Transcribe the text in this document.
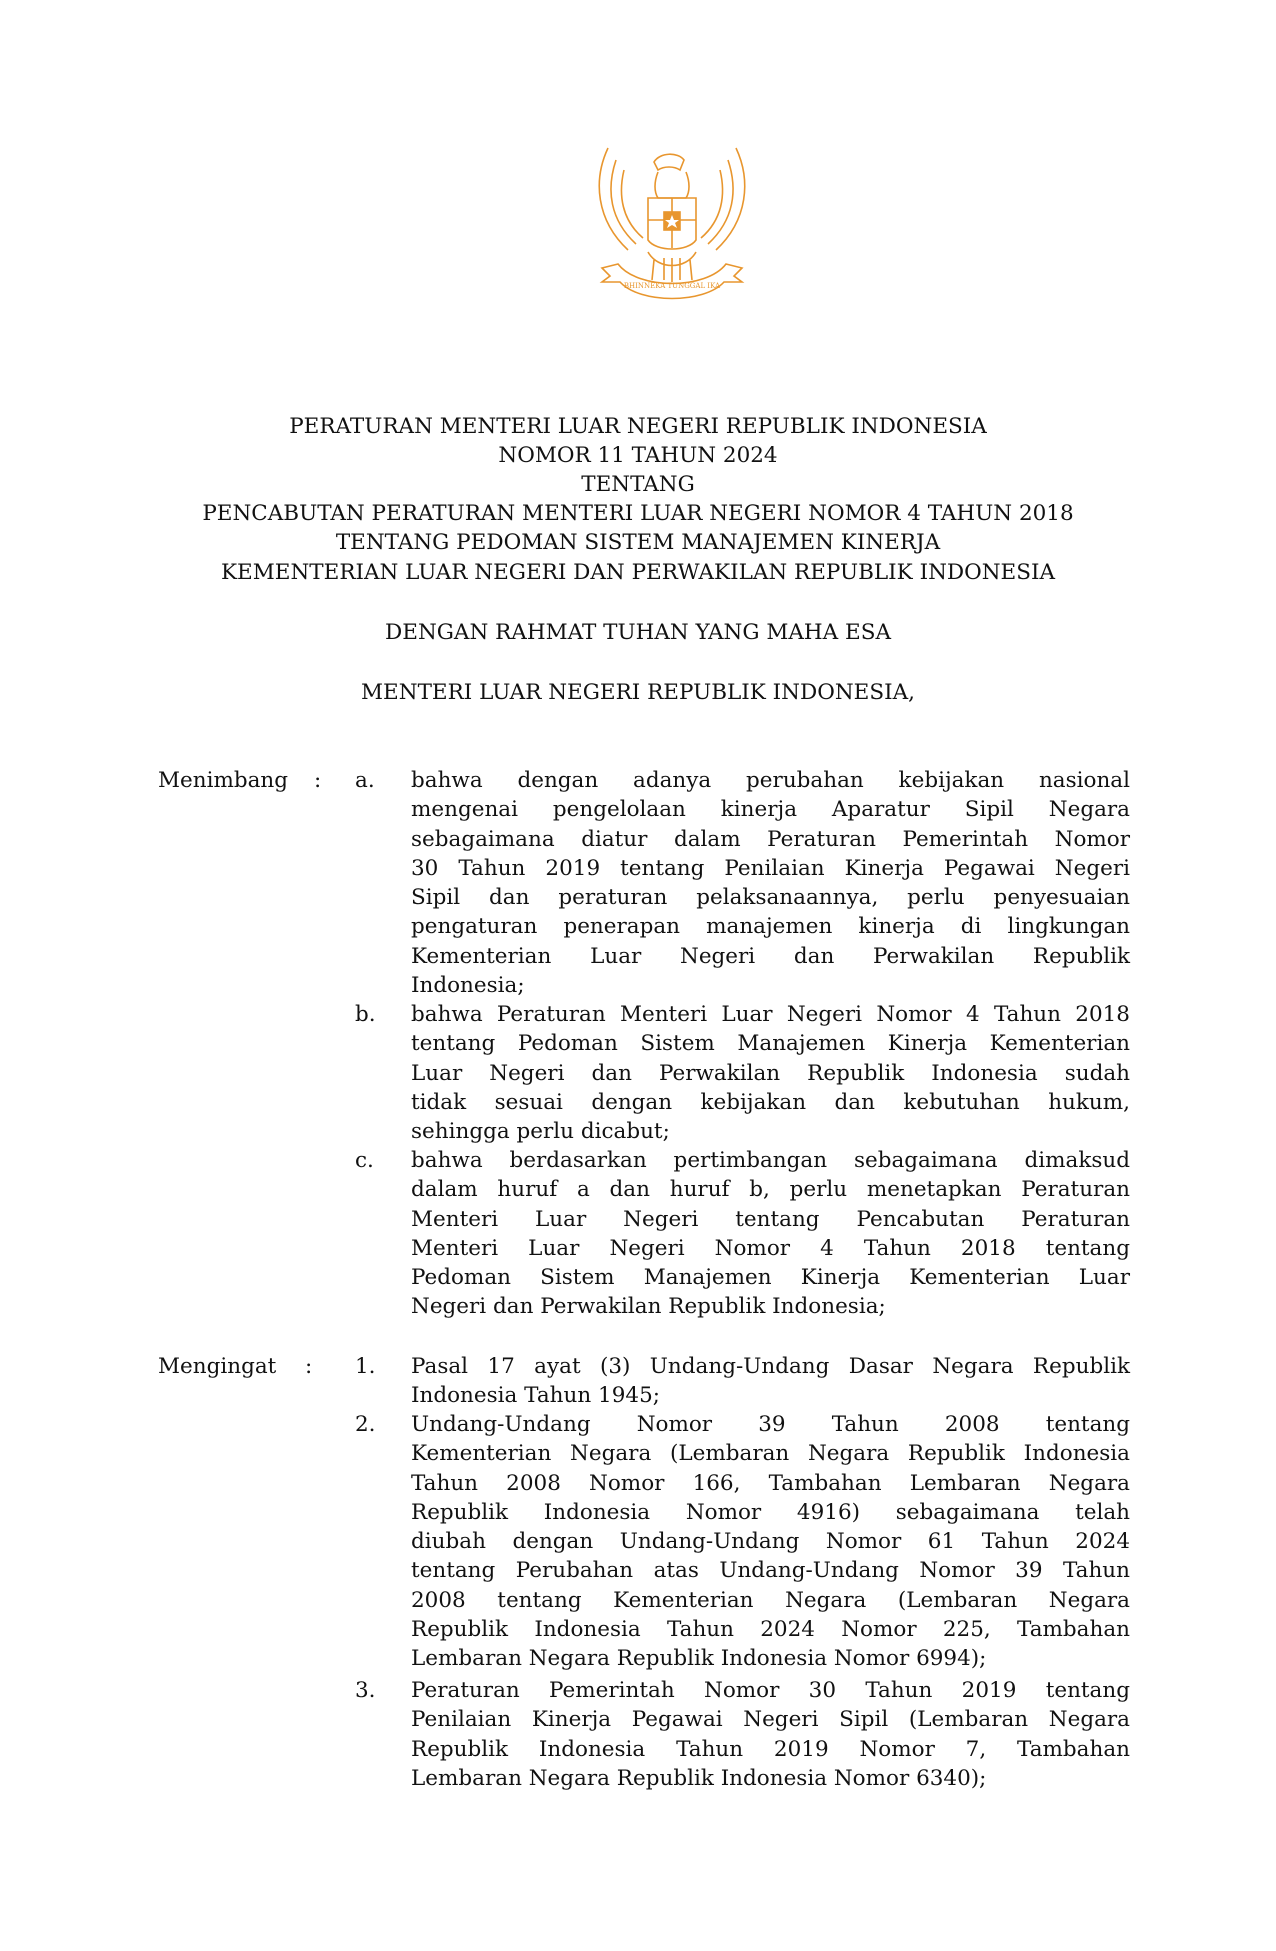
BHINNEKA TUNGGAL IKA
PERATURAN MENTERI LUAR NEGERI REPUBLIK INDONESIA
NOMOR 11 TAHUN 2024
TENTANG
PENCABUTAN PERATURAN MENTERI LUAR NEGERI NOMOR 4 TAHUN 2018
TENTANG PEDOMAN SISTEM MANAJEMEN KINERJA
KEMENTERIAN LUAR NEGERI DAN PERWAKILAN REPUBLIK INDONESIA
DENGAN RAHMAT TUHAN YANG MAHA ESA
MENTERI LUAR NEGERI REPUBLIK INDONESIA,
Menimbang : a. bahwa dengan adanya perubahan kebijakan nasional
mengenai pengelolaan kinerja Aparatur Sipil Negara
sebagaimana diatur dalam Peraturan Pemerintah Nomor
30 Tahun 2019 tentang Penilaian Kinerja Pegawai Negeri
Sipil dan peraturan pelaksanaannya, perlu penyesuaian
pengaturan penerapan manajemen kinerja di lingkungan
Kementerian Luar Negeri dan Perwakilan Republik
Indonesia;
b. bahwa Peraturan Menteri Luar Negeri Nomor 4 Tahun 2018
tentang Pedoman Sistem Manajemen Kinerja Kementerian
Luar Negeri dan Perwakilan Republik Indonesia sudah
tidak sesuai dengan kebijakan dan kebutuhan hukum,
sehingga perlu dicabut;
c. bahwa berdasarkan pertimbangan sebagaimana dimaksud
dalam huruf a dan huruf b, perlu menetapkan Peraturan
Menteri Luar Negeri tentang Pencabutan Peraturan
Menteri Luar Negeri Nomor 4 Tahun 2018 tentang
Pedoman Sistem Manajemen Kinerja Kementerian Luar
Negeri dan Perwakilan Republik Indonesia;
Mengingat : 1. Pasal 17 ayat (3) Undang-Undang Dasar Negara Republik
Indonesia Tahun 1945;
2. Undang-Undang Nomor 39 Tahun 2008 tentang
Kementerian Negara (Lembaran Negara Republik Indonesia
Tahun 2008 Nomor 166, Tambahan Lembaran Negara
Republik Indonesia Nomor 4916) sebagaimana telah
diubah dengan Undang-Undang Nomor 61 Tahun 2024
tentang Perubahan atas Undang-Undang Nomor 39 Tahun
2008 tentang Kementerian Negara (Lembaran Negara
Republik Indonesia Tahun 2024 Nomor 225, Tambahan
Lembaran Negara Republik Indonesia Nomor 6994);
3. Peraturan Pemerintah Nomor 30 Tahun 2019 tentang
Penilaian Kinerja Pegawai Negeri Sipil (Lembaran Negara
Republik Indonesia Tahun 2019 Nomor 7, Tambahan
Lembaran Negara Republik Indonesia Nomor 6340);
